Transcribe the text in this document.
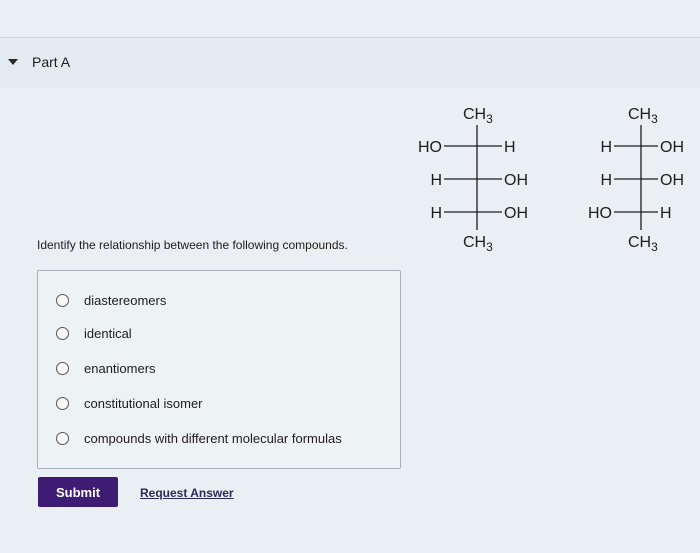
Part A
Identify the relationship between the following compounds.
$CH_3$
HO	H
H	OH
H	OH
$CH_3$
$CH_3$
H	OH
H	OH
HO	H
$CH_3$
diastereomers
identical
enantiomers
constitutional isomer
compounds with different molecular formulas
Submit	Request Answer
